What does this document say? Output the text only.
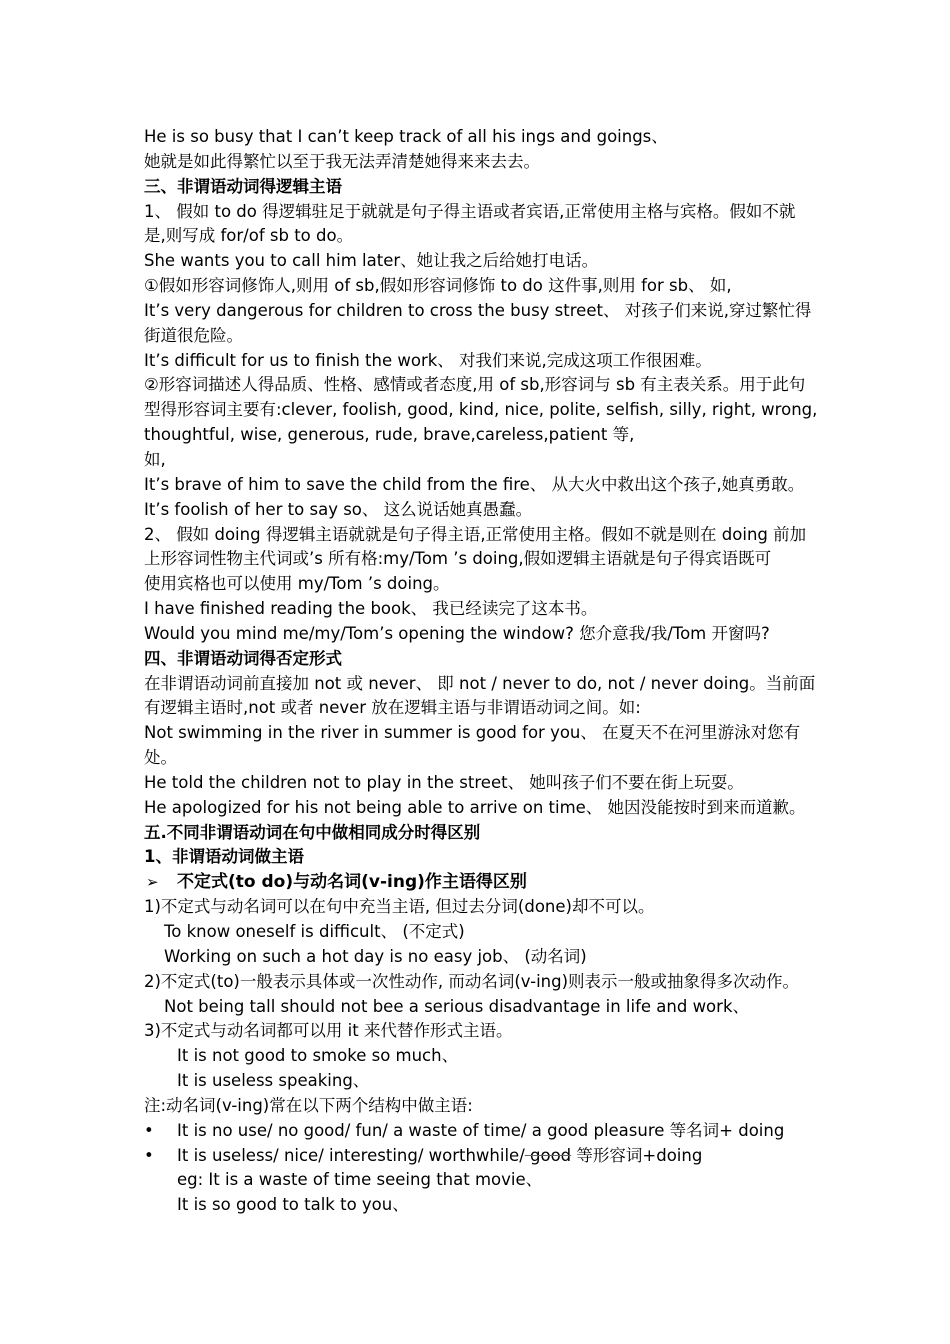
He is so busy that I can’t keep track of all his ings and goings、
她就是如此得繁忙以至于我无法弄清楚她得来来去去。
三、非谓语动词得逻辑主语
1、 假如 to do 得逻辑驻足于就就是句子得主语或者宾语,正常使用主格与宾格。假如不就
是,则写成 for/of sb to do。
She wants you to call him later、她让我之后给她打电话。
①假如形容词修饰人,则用 of sb,假如形容词修饰 to do 这件事,则用 for sb、 如,
It’s very dangerous for children to cross the busy street、 对孩子们来说,穿过繁忙得
街道很危险。
It’s difficult for us to finish the work、 对我们来说,完成这项工作很困难。
②形容词描述人得品质、性格、感情或者态度,用 of sb,形容词与 sb 有主表关系。用于此句
型得形容词主要有:clever, foolish, good, kind, nice, polite, selfish, silly, right, wrong,
thoughtful, wise, generous, rude, brave,careless,patient 等,
如,
It’s brave of him to save the child from the fire、 从大火中救出这个孩子,她真勇敢。
It’s foolish of her to say so、 这么说话她真愚蠢。
2、 假如 doing 得逻辑主语就就是句子得主语,正常使用主格。假如不就是则在 doing 前加
上形容词性物主代词或’s 所有格:my/Tom ’s doing,假如逻辑主语就是句子得宾语既可
使用宾格也可以使用 my/Tom ’s doing。
I have finished reading the book、 我已经读完了这本书。
Would you mind me/my/Tom’s opening the window? 您介意我/我/Tom 开窗吗?
四、非谓语动词得否定形式
在非谓语动词前直接加 not 或 never、 即 not / never to do, not / never doing。当前面
有逻辑主语时,not 或者 never 放在逻辑主语与非谓语动词之间。如:
Not swimming in the river in summer is good for you、 在夏天不在河里游泳对您有
处。
He told the children not to play in the street、 她叫孩子们不要在街上玩耍。
He apologized for his not being able to arrive on time、 她因没能按时到来而道歉。
五.不同非谓语动词在句中做相同成分时得区别
1、非谓语动词做主语
➢ 不定式(to do)与动名词(v-ing)作主语得区别
1)不定式与动名词可以在句中充当主语, 但过去分词(done)却不可以。
To know oneself is difficult、 (不定式)
Working on such a hot day is no easy job、 (动名词)
2)不定式(to)一般表示具体或一次性动作, 而动名词(v-ing)则表示一般或抽象得多次动作。
Not being tall should not bee a serious disadvantage in life and work、
3)不定式与动名词都可以用 it 来代替作形式主语。
It is not good to smoke so much、
It is useless speaking、
注:动名词(v-ing)常在以下两个结构中做主语:
• It is no use/ no good/ fun/ a waste of time/ a good pleasure 等名词+ doing
• It is useless/ nice/ interesting/ worthwhile/ good 等形容词+doing
eg: It is a waste of time seeing that movie、
It is so good to talk to you、
